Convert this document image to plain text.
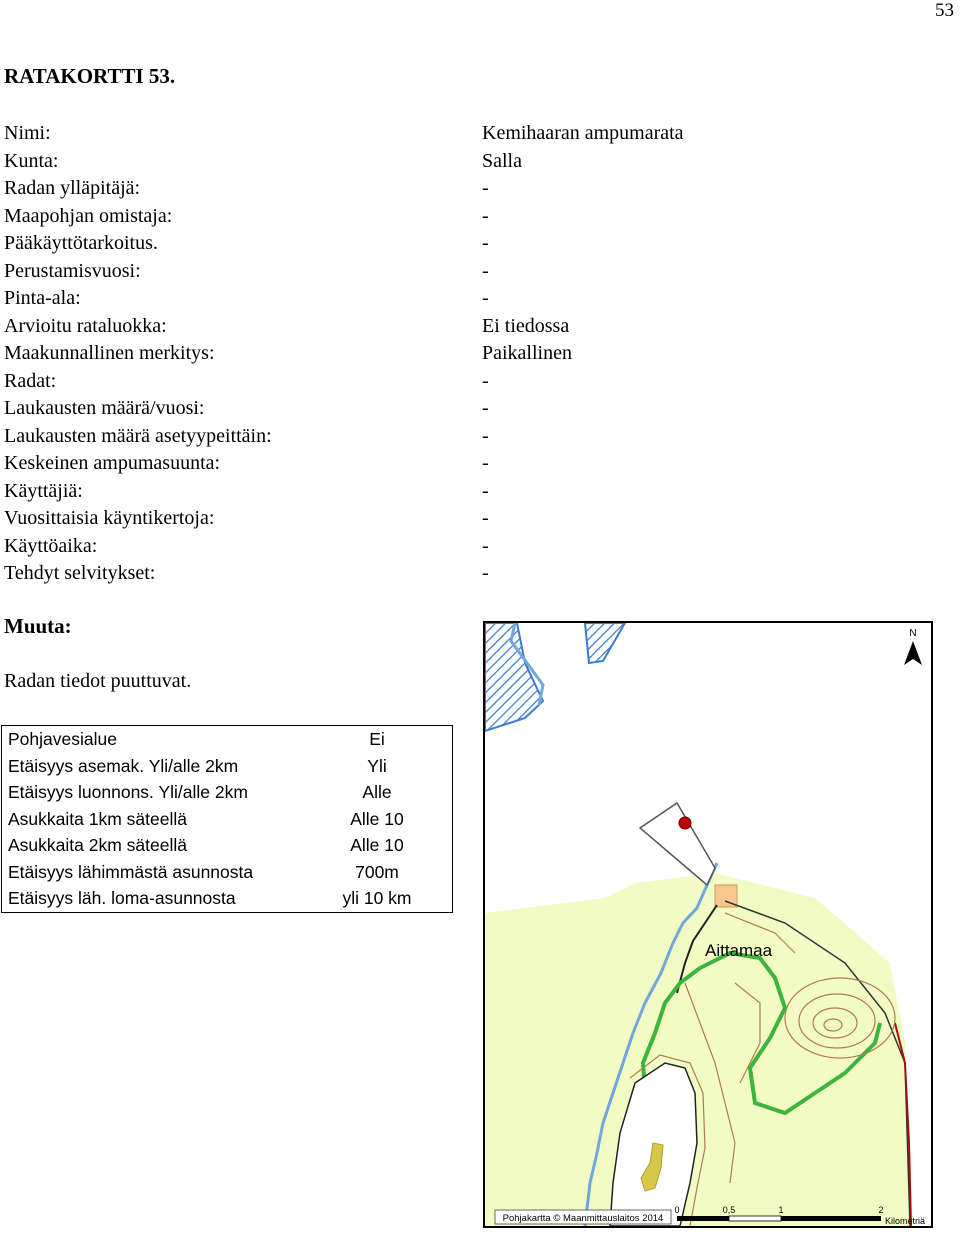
53
RATAKORTTI 53.
Nimi:	Kemihaaran ampumarata
Kunta:	Salla
Radan ylläpitäjä:	-
Maapohjan omistaja:	-
Pääkäyttötarkoitus.	-
Perustamisvuosi:	-
Pinta-ala:	-
Arvioitu rataluokka:	Ei tiedossa
Maakunnallinen merkitys:	Paikallinen
Radat:	-
Laukausten määrä/vuosi:	-
Laukausten määrä asetyypeittäin:	-
Keskeinen ampumasuunta:	-
Käyttäjiä:	-
Vuosittaisia käyntikertoja:	-
Käyttöaika:	-
Tehdyt selvitykset:	-
Muuta:
Radan tiedot puuttuvat.
Pohjavesialue	Ei
Etäisyys asemak. Yli/alle 2km	Yli
Etäisyys luonnons. Yli/alle 2km	Alle
Asukkaita 1km säteellä	Alle 10
Asukkaita 2km säteellä	Alle 10
Etäisyys lähimmästä asunnosta	700m
Etäisyys läh. loma-asunnosta	yli 10 km
N
Aittamaa
Pohjakartta © Maanmittauslaitos 2014
0	0,5	1	2
Kilometriä
